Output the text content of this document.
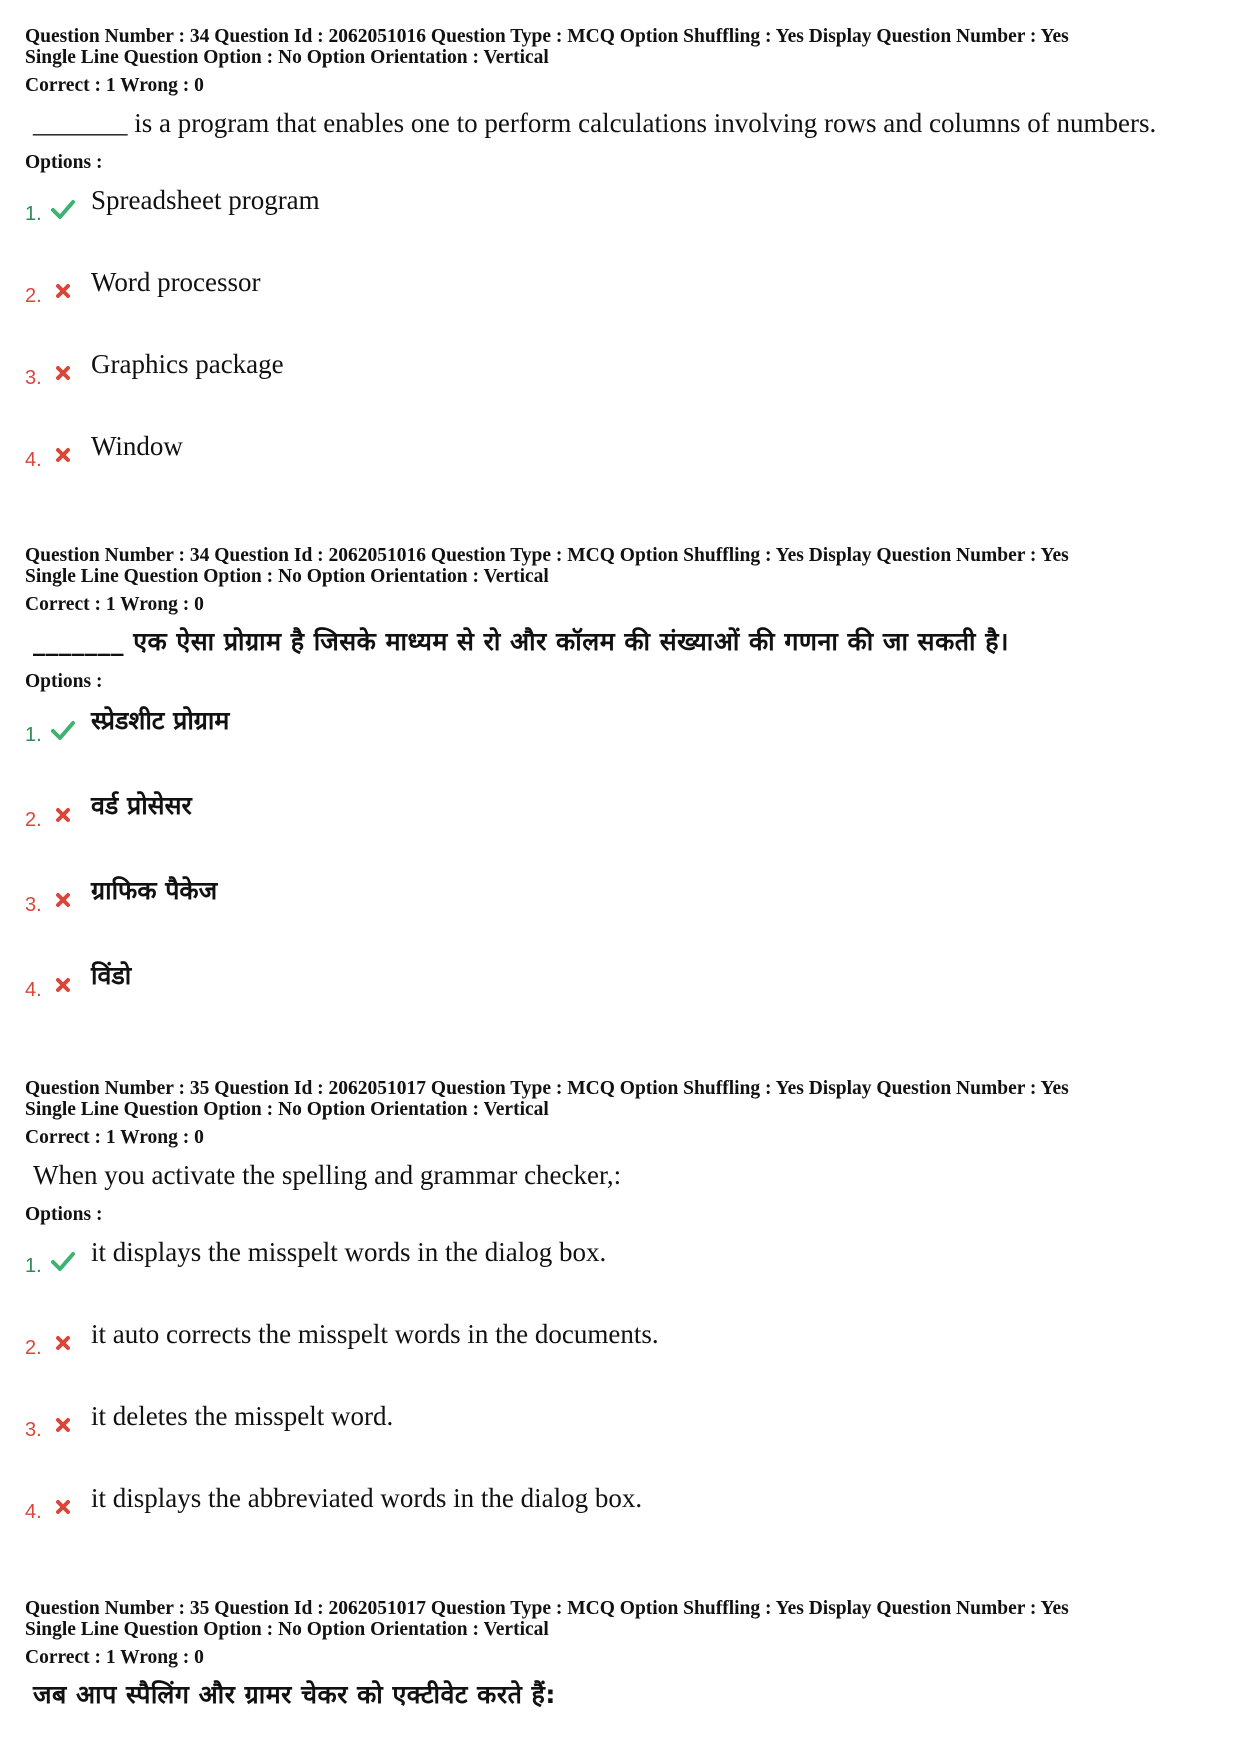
Question Number : 34 Question Id : 2062051016 Question Type : MCQ Option Shuffling : Yes Display Question Number : Yes
Single Line Question Option : No Option Orientation : Vertical
Correct : 1 Wrong : 0
_______ is a program that enables one to perform calculations involving rows and columns of numbers.
Options :
1. Spreadsheet program
2. Word processor
3. Graphics package
4. Window
Question Number : 34 Question Id : 2062051016 Question Type : MCQ Option Shuffling : Yes Display Question Number : Yes
Single Line Question Option : No Option Orientation : Vertical
Correct : 1 Wrong : 0
_______ एक ऐसा प्रोग्राम है जिसके माध्यम से रो और कॉलम की संख्याओं की गणना की जा सकती है।
Options :
1. स्प्रेडशीट प्रोग्राम
2. वर्ड प्रोसेसर
3. ग्राफिक पैकेज
4. विंडो
Question Number : 35 Question Id : 2062051017 Question Type : MCQ Option Shuffling : Yes Display Question Number : Yes
Single Line Question Option : No Option Orientation : Vertical
Correct : 1 Wrong : 0
When you activate the spelling and grammar checker,:
Options :
1. it displays the misspelt words in the dialog box.
2. it auto corrects the misspelt words in the documents.
3. it deletes the misspelt word.
4. it displays the abbreviated words in the dialog box.
Question Number : 35 Question Id : 2062051017 Question Type : MCQ Option Shuffling : Yes Display Question Number : Yes
Single Line Question Option : No Option Orientation : Vertical
Correct : 1 Wrong : 0
जब आप स्पैलिंग और ग्रामर चेकर को एक्टीवेट करते हैं:
